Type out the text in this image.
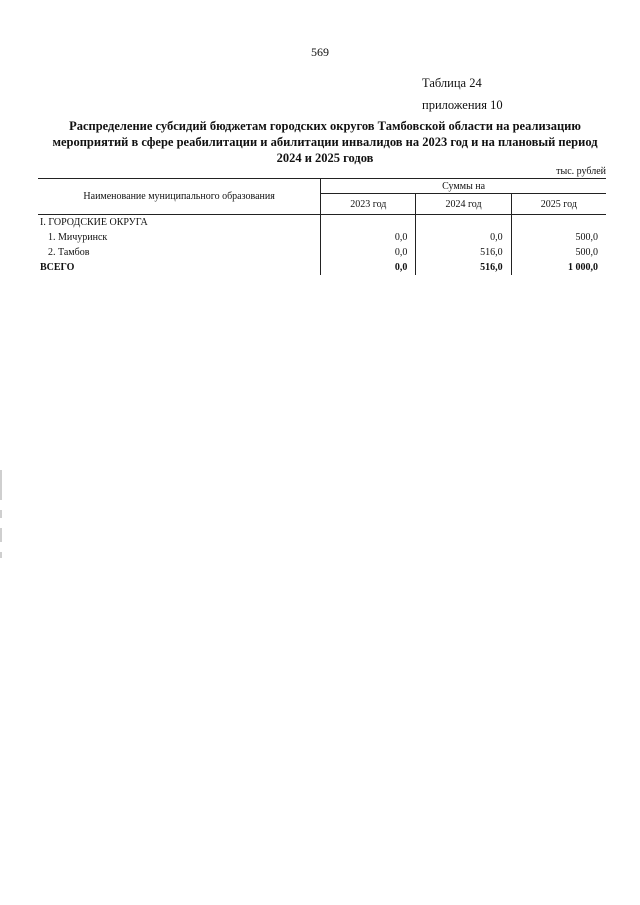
569
Таблица 24
приложения 10
Распределение субсидий бюджетам городских округов Тамбовской области на реализацию мероприятий в сфере реабилитации и абилитации инвалидов на 2023 год и на плановый период 2024 и 2025 годов
тыс. рублей
Наименование муниципального образования	Суммы на		
	2023 год	2024 год	2025 год
I. ГОРОДСКИЕ ОКРУГА			
1. Мичуринск	0,0	0,0	500,0
2. Тамбов	0,0	516,0	500,0
ВСЕГО	0,0	516,0	1 000,0
